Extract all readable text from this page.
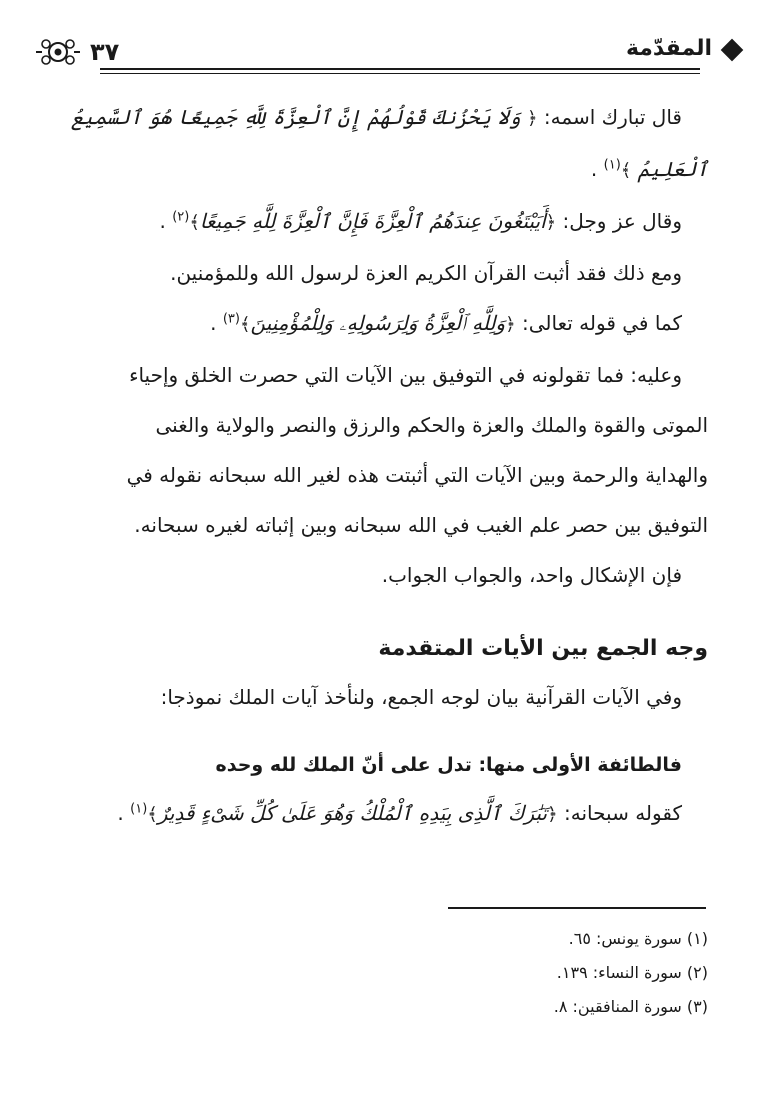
المقدّمة
٣٧

قال تبارك اسمه: ﴿ وَلَا يَحْزُنكَ قَوْلُهُمْ إِنَّ ٱلْعِزَّةَ لِلَّهِ جَمِيعًا هُوَ ٱلسَّمِيعُ

ٱلْعَلِيمُ ﴾$^{(١)}$ .

وقال عز وجل: ﴿أَيَبْتَغُونَ عِندَهُمُ ٱلْعِزَّةَ فَإِنَّ ٱلْعِزَّةَ لِلَّهِ جَمِيعًا﴾$^{(٢)}$ .

ومع ذلك فقد أثبت القرآن الكريم العزة لرسول الله وللمؤمنين.

كما في قوله تعالى: ﴿وَلِلَّهِ ٱلْعِزَّةُ وَلِرَسُولِهِۦ وَلِلْمُؤْمِنِينَ﴾$^{(٣)}$ .

وعليه: فما تقولونه في التوفيق بين الآيات التي حصرت الخلق وإحياء

الموتى والقوة والملك والعزة والحكم والرزق والنصر والولاية والغنى

والهداية والرحمة وبين الآيات التي أثبتت هذه لغير الله سبحانه نقوله في

التوفيق بين حصر علم الغيب في الله سبحانه وبين إثباته لغيره سبحانه.

فإن الإشكال واحد، والجواب الجواب.

وجه الجمع بين الأيات المتقدمة

وفي الآيات القرآنية بيان لوجه الجمع، ولنأخذ آيات الملك نموذجا:

فالطائفة الأولى منها: تدل على أنّ الملك لله وحده

كقوله سبحانه: ﴿تَبَٰرَكَ ٱلَّذِى بِيَدِهِ ٱلْمُلْكُ وَهُوَ عَلَىٰ كُلِّ شَىْءٍ قَدِيرٌ﴾$^{(١)}$ .

(١) سورة يونس: ٦٥.

(٢) سورة النساء: ١٣٩.

(٣) سورة المنافقين: ٨.
